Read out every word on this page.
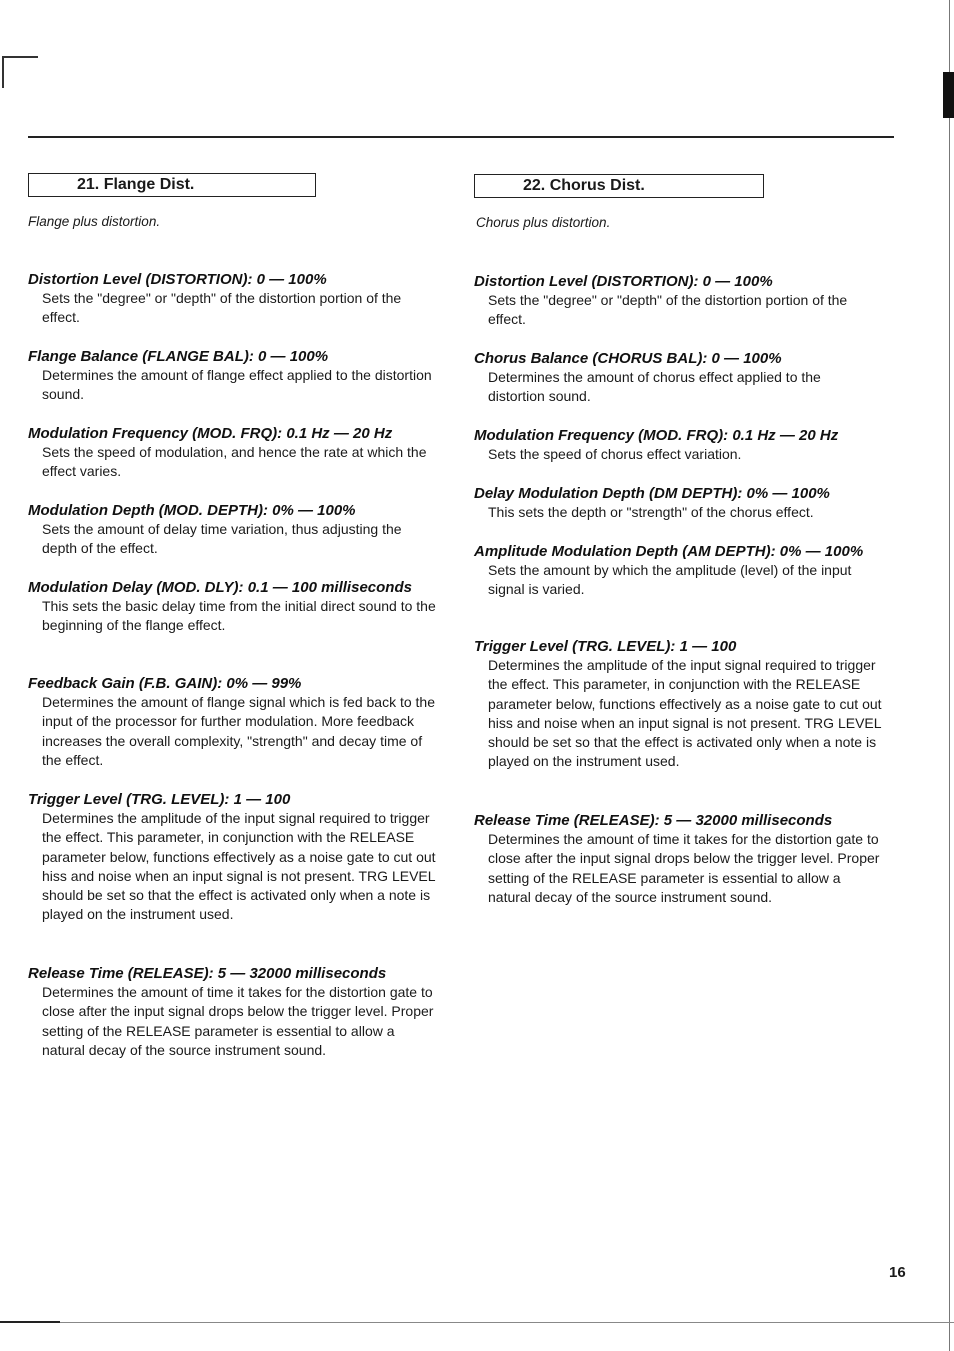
21. Flange Dist.
Flange plus distortion.

Distortion Level (DISTORTION): 0 — 100%

Sets the "degree" or "depth" of the distortion portion of the effect.

Flange Balance (FLANGE BAL): 0 — 100%

Determines the amount of flange effect applied to the distortion sound.

Modulation Frequency (MOD. FRQ): 0.1 Hz — 20 Hz

Sets the speed of modulation, and hence the rate at which the effect varies.

Modulation Depth (MOD. DEPTH): 0% — 100%

Sets the amount of delay time variation, thus adjusting the depth of the effect.

Modulation Delay (MOD. DLY): 0.1 — 100 milliseconds

This sets the basic delay time from the initial direct sound to the beginning of the flange effect.

Feedback Gain (F.B. GAIN): 0% — 99%

Determines the amount of flange signal which is fed back to the input of the processor for further modulation. More feedback increases the overall complexity, "strength" and decay time of the effect.

Trigger Level (TRG. LEVEL): 1 — 100

Determines the amplitude of the input signal required to trigger the effect. This parameter, in conjunction with the RELEASE parameter below, functions effectively as a noise gate to cut out hiss and noise when an input signal is not present. TRG LEVEL should be set so that the effect is activated only when a note is played on the instrument used.

Release Time (RELEASE): 5 — 32000 milliseconds

Determines the amount of time it takes for the distortion gate to close after the input signal drops below the trigger level. Proper setting of the RELEASE parameter is essential to allow a natural decay of the source instrument sound.

22. Chorus Dist.
Chorus plus distortion.

Distortion Level (DISTORTION): 0 — 100%

Sets the "degree" or "depth" of the distortion portion of the effect.

Chorus Balance (CHORUS BAL): 0 — 100%

Determines the amount of chorus effect applied to the distortion sound.

Modulation Frequency (MOD. FRQ): 0.1 Hz — 20 Hz

Sets the speed of chorus effect variation.

Delay Modulation Depth (DM DEPTH): 0% — 100%

This sets the depth or "strength" of the chorus effect.

Amplitude Modulation Depth (AM DEPTH): 0% — 100%

Sets the amount by which the amplitude (level) of the input signal is varied.

Trigger Level (TRG. LEVEL): 1 — 100

Determines the amplitude of the input signal required to trigger the effect. This parameter, in conjunction with the RELEASE parameter below, functions effectively as a noise gate to cut out hiss and noise when an input signal is not present. TRG LEVEL should be set so that the effect is activated only when a note is played on the instrument used.

Release Time (RELEASE): 5 — 32000 milliseconds

Determines the amount of time it takes for the distortion gate to close after the input signal drops below the trigger level. Proper setting of the RELEASE parameter is essential to allow a natural decay of the source instrument sound.

16
